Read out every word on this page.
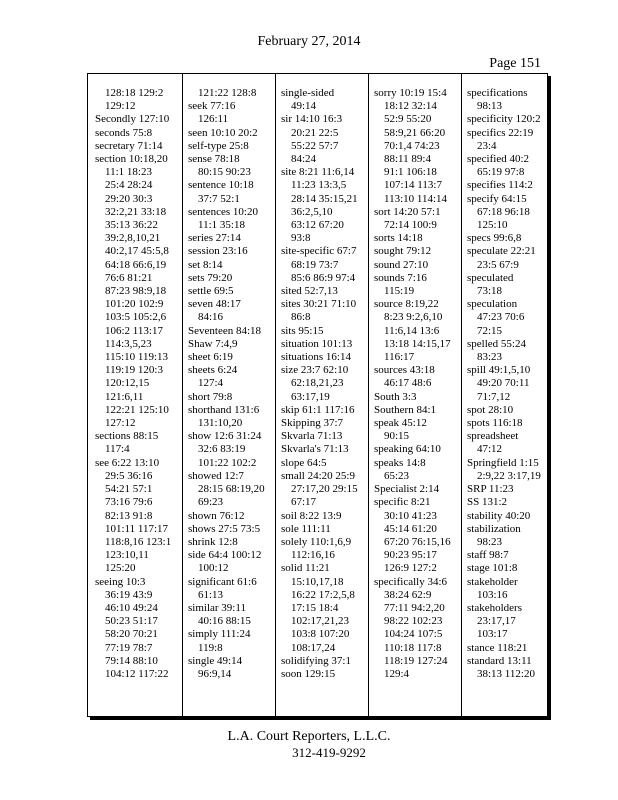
February 27, 2014
Page 151
128:18 129:2
129:12
Secondly 127:10
seconds 75:8
secretary 71:14
section 10:18,20
11:1 18:23
25:4 28:24
29:20 30:3
32:2,21 33:18
35:13 36:22
39:2,8,10,21
40:2,17 45:5,8
64:18 66:6,19
76:6 81:21
87:23 98:9,18
101:20 102:9
103:5 105:2,6
106:2 113:17
114:3,5,23
115:10 119:13
119:19 120:3
120:12,15
121:6,11
122:21 125:10
127:12
sections 88:15
117:4
see 6:22 13:10
29:5 36:16
54:21 57:1
73:16 79:6
82:13 91:8
101:11 117:17
118:8,16 123:1
123:10,11
125:20
seeing 10:3
36:19 43:9
46:10 49:24
50:23 51:17
58:20 70:21
77:19 78:7
79:14 88:10
104:12 117:22
121:22 128:8
seek 77:16
126:11
seen 10:10 20:2
self-type 25:8
sense 78:18
80:15 90:23
sentence 10:18
37:7 52:1
sentences 10:20
11:1 35:18
series 27:14
session 23:16
set 8:14
sets 79:20
settle 69:5
seven 48:17
84:16
Seventeen 84:18
Shaw 7:4,9
sheet 6:19
sheets 6:24
127:4
short 79:8
shorthand 131:6
131:10,20
show 12:6 31:24
32:6 83:19
101:22 102:2
showed 12:7
28:15 68:19,20
69:23
shown 76:12
shows 27:5 73:5
shrink 12:8
side 64:4 100:12
100:12
significant 61:6
61:13
similar 39:11
40:16 88:15
simply 111:24
119:8
single 49:14
96:9,14
single-sided
49:14
sir 14:10 16:3
20:21 22:5
55:22 57:7
84:24
site 8:21 11:6,14
11:23 13:3,5
28:14 35:15,21
36:2,5,10
63:12 67:20
93:8
site-specific 67:7
68:19 73:7
85:6 86:9 97:4
sited 52:7,13
sites 30:21 71:10
86:8
sits 95:15
situation 101:13
situations 16:14
size 23:7 62:10
62:18,21,23
63:17,19
skip 61:1 117:16
Skipping 37:7
Skvarla 71:13
Skvarla's 71:13
slope 64:5
small 24:20 25:9
27:17,20 29:15
67:17
soil 8:22 13:9
sole 111:11
solely 110:1,6,9
112:16,16
solid 11:21
15:10,17,18
16:22 17:2,5,8
17:15 18:4
102:17,21,23
103:8 107:20
108:17,24
solidifying 37:1
soon 129:15
sorry 10:19 15:4
18:12 32:14
52:9 55:20
58:9,21 66:20
70:1,4 74:23
88:11 89:4
91:1 106:18
107:14 113:7
113:10 114:14
sort 14:20 57:1
72:14 100:9
sorts 14:18
sought 79:12
sound 27:10
sounds 7:16
115:19
source 8:19,22
8:23 9:2,6,10
11:6,14 13:6
13:18 14:15,17
116:17
sources 43:18
46:17 48:6
South 3:3
Southern 84:1
speak 45:12
90:15
speaking 64:10
speaks 14:8
65:23
Specialist 2:14
specific 8:21
30:10 41:23
45:14 61:20
67:20 76:15,16
90:23 95:17
126:9 127:2
specifically 34:6
38:24 62:9
77:11 94:2,20
98:22 102:23
104:24 107:5
110:18 117:8
118:19 127:24
129:4
specifications
98:13
specificity 120:2
specifics 22:19
23:4
specified 40:2
65:19 97:8
specifies 114:2
specify 64:15
67:18 96:18
125:10
specs 99:6,8
speculate 22:21
23:5 67:9
speculated
73:18
speculation
47:23 70:6
72:15
spelled 55:24
83:23
spill 49:1,5,10
49:20 70:11
71:7,12
spot 28:10
spots 116:18
spreadsheet
47:12
Springfield 1:15
2:9,22 3:17,19
SRP 11:23
SS 131:2
stability 40:20
stabilization
98:23
staff 98:7
stage 101:8
stakeholder
103:16
stakeholders
23:17,17
103:17
stance 118:21
standard 13:11
38:13 112:20
L.A. Court Reporters, L.L.C.
312-419-9292
